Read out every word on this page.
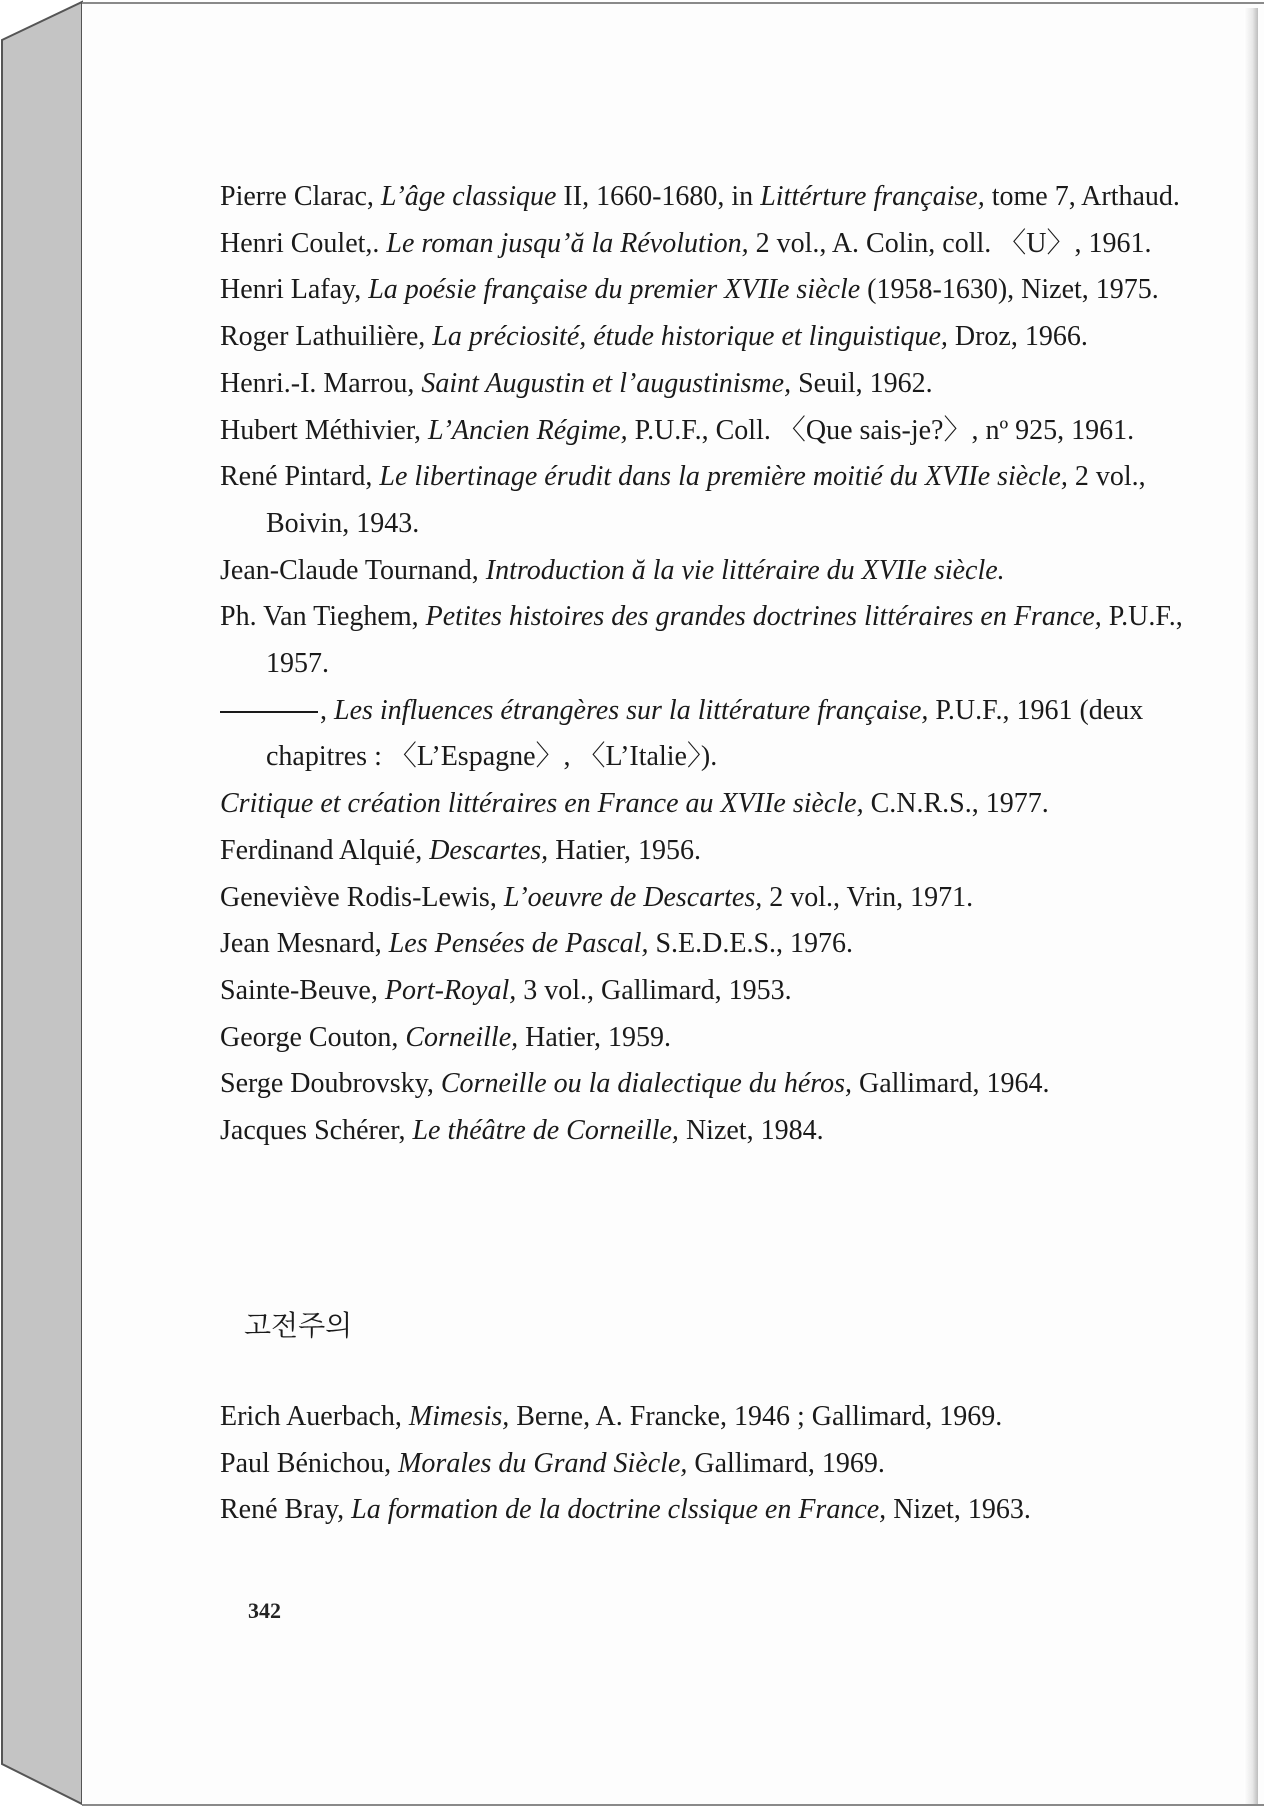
Pierre Clarac, L’âge classique II, 1660-1680, in Littérture française, tome 7, Arthaud.

Henri Coulet,. Le roman jusqu’ă la Révolution, 2 vol., A. Colin, coll. 〈U〉, 1961.

Henri Lafay, La poésie française du premier XVIIe siècle (1958-1630), Nizet, 1975.

Roger Lathuilière, La préciosité, étude historique et linguistique, Droz, 1966.

Henri.-I. Marrou, Saint Augustin et l’augustinisme, Seuil, 1962.

Hubert Méthivier, L’Ancien Régime, P.U.F., Coll. 〈Que sais-je?〉, nº 925, 1961.

René Pintard, Le libertinage érudit dans la première moitié du XVIIe siècle, 2 vol., Boivin, 1943.

Jean-Claude Tournand, Introduction ă la vie littéraire du XVIIe siècle.

Ph. Van Tieghem, Petites histoires des grandes doctrines littéraires en France, P.U.F., 1957.

, Les influences étrangères sur la littérature française, P.U.F., 1961 (deux chapitres : 〈L’Espagne〉, 〈L’Italie〉).

Critique et création littéraires en France au XVIIe siècle, C.N.R.S., 1977.

Ferdinand Alquié, Descartes, Hatier, 1956.

Geneviève Rodis-Lewis, L’oeuvre de Descartes, 2 vol., Vrin, 1971.

Jean Mesnard, Les Pensées de Pascal, S.E.D.E.S., 1976.

Sainte-Beuve, Port-Royal, 3 vol., Gallimard, 1953.

George Couton, Corneille, Hatier, 1959.

Serge Doubrovsky, Corneille ou la dialectique du héros, Gallimard, 1964.

Jacques Schérer, Le théâtre de Corneille, Nizet, 1984.

고전주의

Erich Auerbach, Mimesis, Berne, A. Francke, 1946 ; Gallimard, 1969.

Paul Bénichou, Morales du Grand Siècle, Gallimard, 1969.

René Bray, La formation de la doctrine clssique en France, Nizet, 1963.

342
